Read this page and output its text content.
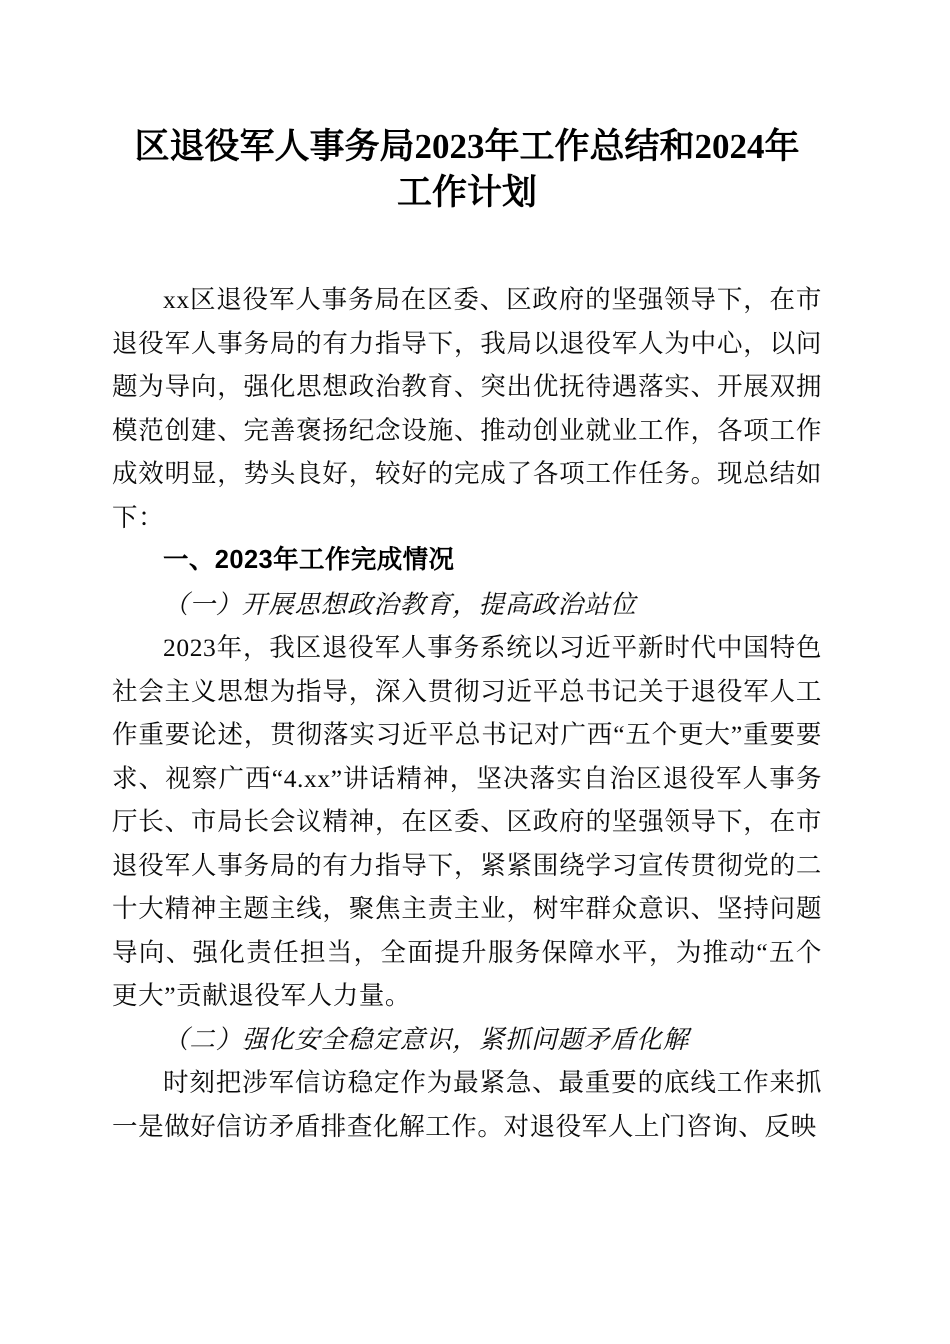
区退役军人事务局2023年工作总结和2024年
工作计划

xx区退役军人事务局在区委、区政府的坚强领导下，在市退役军人事务局的有力指导下，我局以退役军人为中心，以问题为导向，强化思想政治教育、突出优抚待遇落实、开展双拥模范创建、完善褒扬纪念设施、推动创业就业工作，各项工作成效明显，势头良好，较好的完成了各项工作任务。现总结如下：

一、2023年工作完成情况

（一）开展思想政治教育，提高政治站位

2023年，我区退役军人事务系统以习近平新时代中国特色社会主义思想为指导，深入贯彻习近平总书记关于退役军人工作重要论述，贯彻落实习近平总书记对广西“五个更大”重要要求、视察广西“4.xx”讲话精神，坚决落实自治区退役军人事务厅长、市局长会议精神，在区委、区政府的坚强领导下，在市退役军人事务局的有力指导下，紧紧围绕学习宣传贯彻党的二十大精神主题主线，聚焦主责主业，树牢群众意识、坚持问题导向、强化责任担当，全面提升服务保障水平，为推动“五个更大”贡献退役军人力量。

（二）强化安全稳定意识，紧抓问题矛盾化解

时刻把涉军信访稳定作为最紧急、最重要的底线工作来抓一是做好信访矛盾排查化解工作。对退役军人上门咨询、反映
